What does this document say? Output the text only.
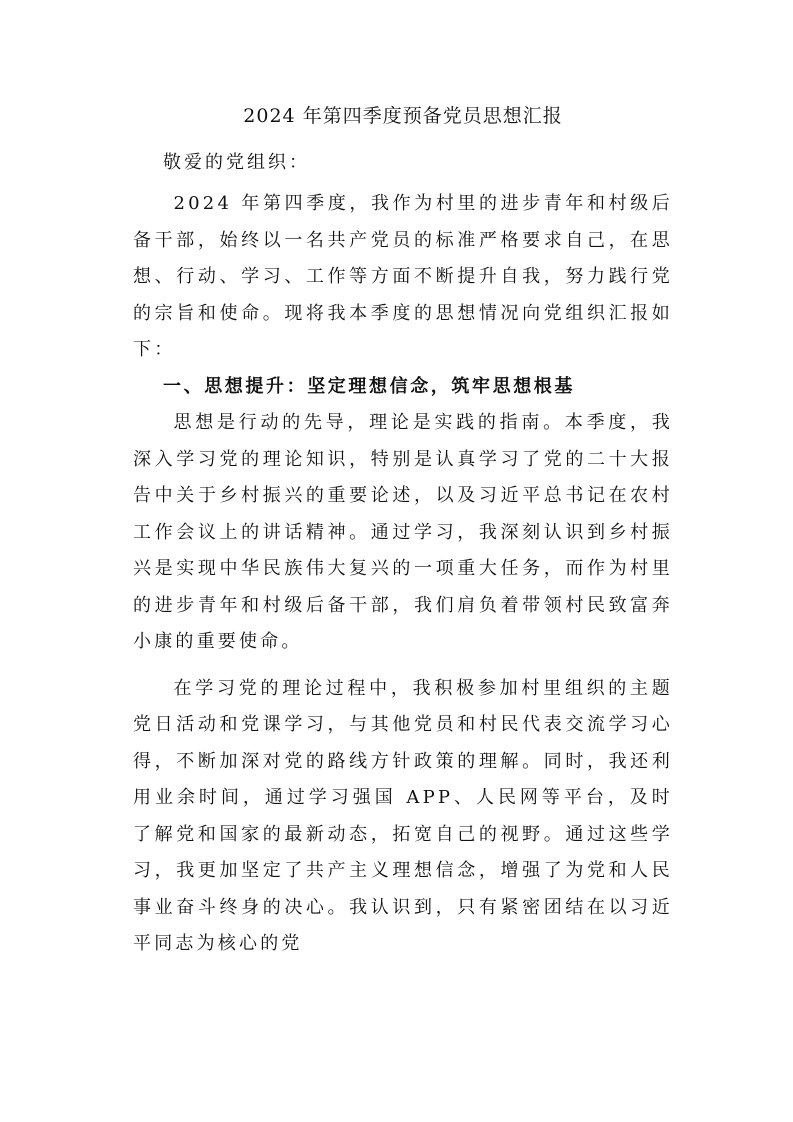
2024 年第四季度预备党员思想汇报

敬爱的党组织：

2024 年第四季度，我作为村里的进步青年和村级后备干部，始终以一名共产党员的标准严格要求自己，在思想、行动、学习、工作等方面不断提升自我，努力践行党的宗旨和使命。现将我本季度的思想情况向党组织汇报如下：

一、思想提升：坚定理想信念，筑牢思想根基

思想是行动的先导，理论是实践的指南。本季度，我深入学习党的理论知识，特别是认真学习了党的二十大报告中关于乡村振兴的重要论述，以及习近平总书记在农村工作会议上的讲话精神。通过学习，我深刻认识到乡村振兴是实现中华民族伟大复兴的一项重大任务，而作为村里的进步青年和村级后备干部，我们肩负着带领村民致富奔小康的重要使命。

在学习党的理论过程中，我积极参加村里组织的主题党日活动和党课学习，与其他党员和村民代表交流学习心得，不断加深对党的路线方针政策的理解。同时，我还利用业余时间，通过学习强国 APP、人民网等平台，及时了解党和国家的最新动态，拓宽自己的视野。通过这些学习，我更加坚定了共产主义理想信念，增强了为党和人民事业奋斗终身的决心。我认识到，只有紧密团结在以习近平同志为核心的党
